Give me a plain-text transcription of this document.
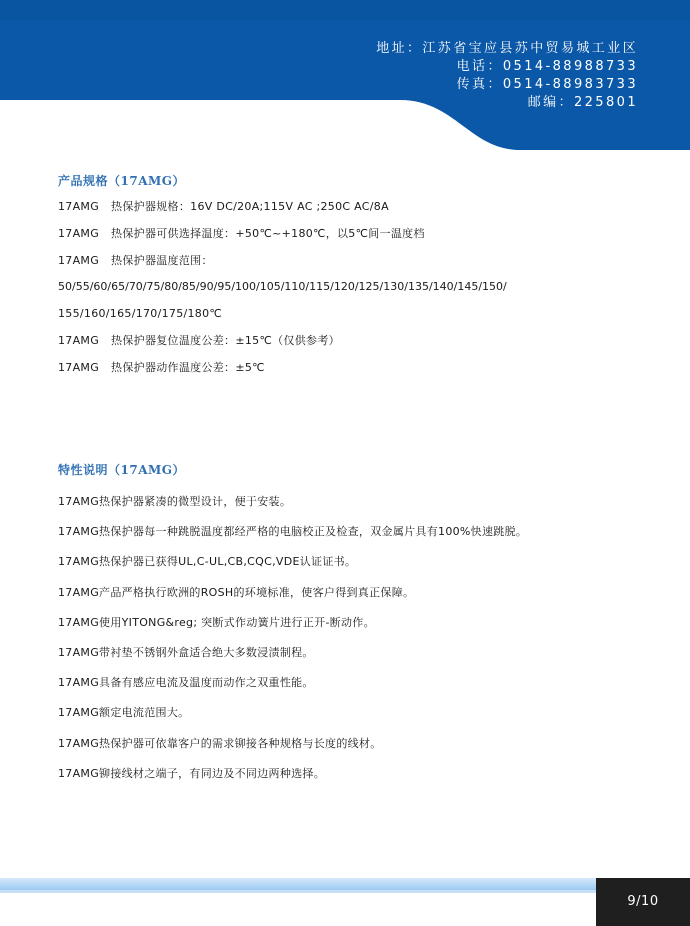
地址：江苏省宝应县苏中贸易城工业区
电话：0514-88988733
传真：0514-88983733
邮编：225801
产品规格（17AMG）
17AMG 热保护器规格：16V DC/20A;115V AC ;250C AC/8A
17AMG 热保护器可供选择温度：+50℃~+180℃，以5℃间一温度档
17AMG 热保护器温度范围：
50/55/60/65/70/75/80/85/90/95/100/105/110/115/120/125/130/135/140/145/150/
155/160/165/170/175/180℃
17AMG 热保护器复位温度公差：±15℃（仅供参考）
17AMG 热保护器动作温度公差：±5℃
特性说明（17AMG）
17AMG热保护器紧凑的微型设计，便于安装。
17AMG热保护器每一种跳脱温度都经严格的电脑校正及检查，双金属片具有100%快速跳脱。
17AMG热保护器已获得UL,C-UL,CB,CQC,VDE认证证书。
17AMG产品严格执行欧洲的ROSH的环境标准，使客户得到真正保障。
17AMG使用YITONG&reg; 突断式作动簧片进行正开-断动作。
17AMG带衬垫不锈钢外盒适合绝大多数浸渍制程。
17AMG具备有感应电流及温度而动作之双重性能。
17AMG额定电流范围大。
17AMG热保护器可依靠客户的需求铆接各种规格与长度的线材。
17AMG铆接线材之端子，有同边及不同边两种选择。
9/10
